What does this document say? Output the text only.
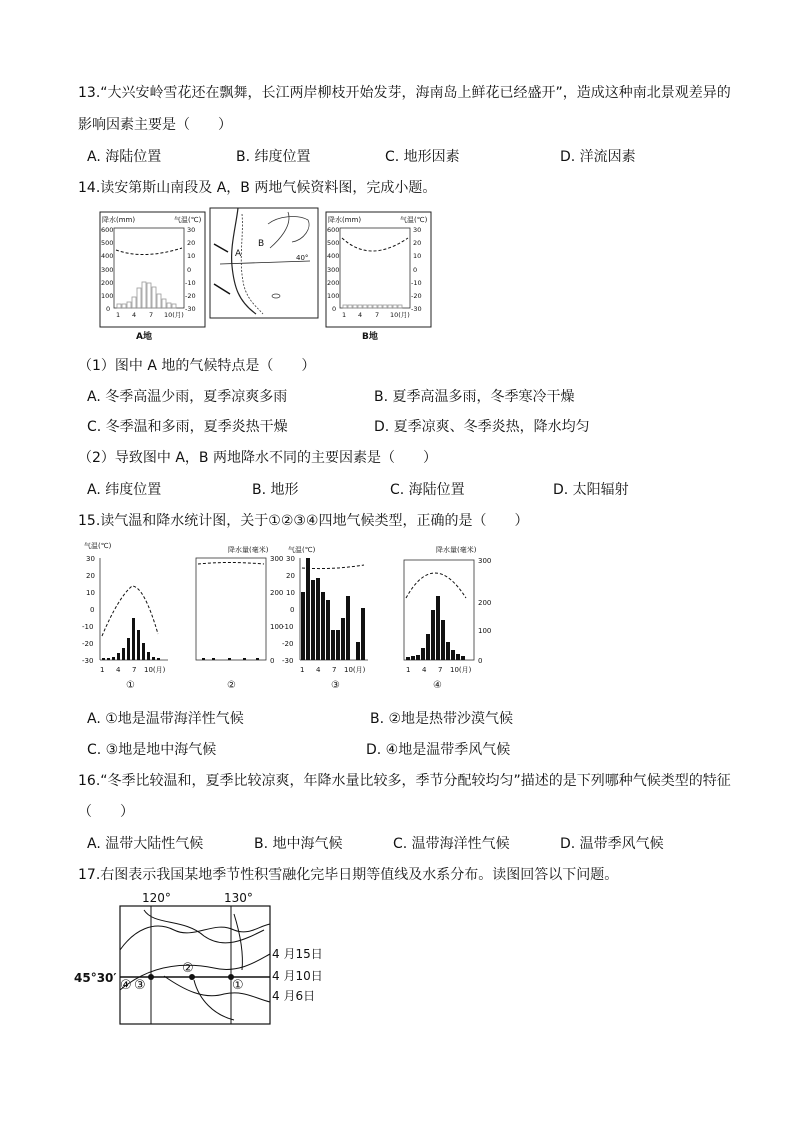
13.“大兴安岭雪花还在飘舞，长江两岸柳枝开始发芽，海南岛上鲜花已经盛开”，造成这种南北景观差异的
影响因素主要是（　　）
A. 海陆位置	B. 纬度位置	C. 地形因素	D. 洋流因素
14.读安第斯山南段及 A，B 两地气候资料图，完成小题。
降水(mm)	气温(℃)
600
500
400
300
200
100
0
30
20
10
0
-10
-20
-30
1 4 7 10(月)
A地
A
B
40°
降水(mm)	气温(℃)
600
500
400
300
200
100
0
30
20
10
0
-10
-20
-30
1 4 7 10(月)
B地
（1）图中 A 地的气候特点是（　　）
A. 冬季高温少雨，夏季凉爽多雨	B. 夏季高温多雨，冬季寒冷干燥
C. 冬季温和多雨，夏季炎热干燥	D. 夏季凉爽、冬季炎热，降水均匀
（2）导致图中 A，B 两地降水不同的主要因素是（　　）
A. 纬度位置	B. 地形	C. 海陆位置	D. 太阳辐射
15.读气温和降水统计图，关于①②③④四地气候类型，正确的是（　　）
气温(℃)
30
20
10
0
-10
-20
-30
1 4 7 10(月)
①
降水量(毫米)
300
200
100
0
②
气温(℃)
30
20
10
0
-10
-20
-30
1 4 7 10(月)
③
降水量(毫米)
300
200
100
0
1 4 7 10(月)
④
A. ①地是温带海洋性气候	B. ②地是热带沙漠气候
C. ③地是地中海气候	D. ④地是温带季风气候
16.“冬季比较温和，夏季比较凉爽，年降水量比较多，季节分配较均匀”描述的是下列哪种气候类型的特征
（　　）
A. 温带大陆性气候	B. 地中海气候	C. 温带海洋性气候	D. 温带季风气候
17.右图表示我国某地季节性积雪融化完毕日期等值线及水系分布。读图回答以下问题。
120°	130°
45°30′ ④ ③
②
①
4 月15日
4 月10日
4 月6日
